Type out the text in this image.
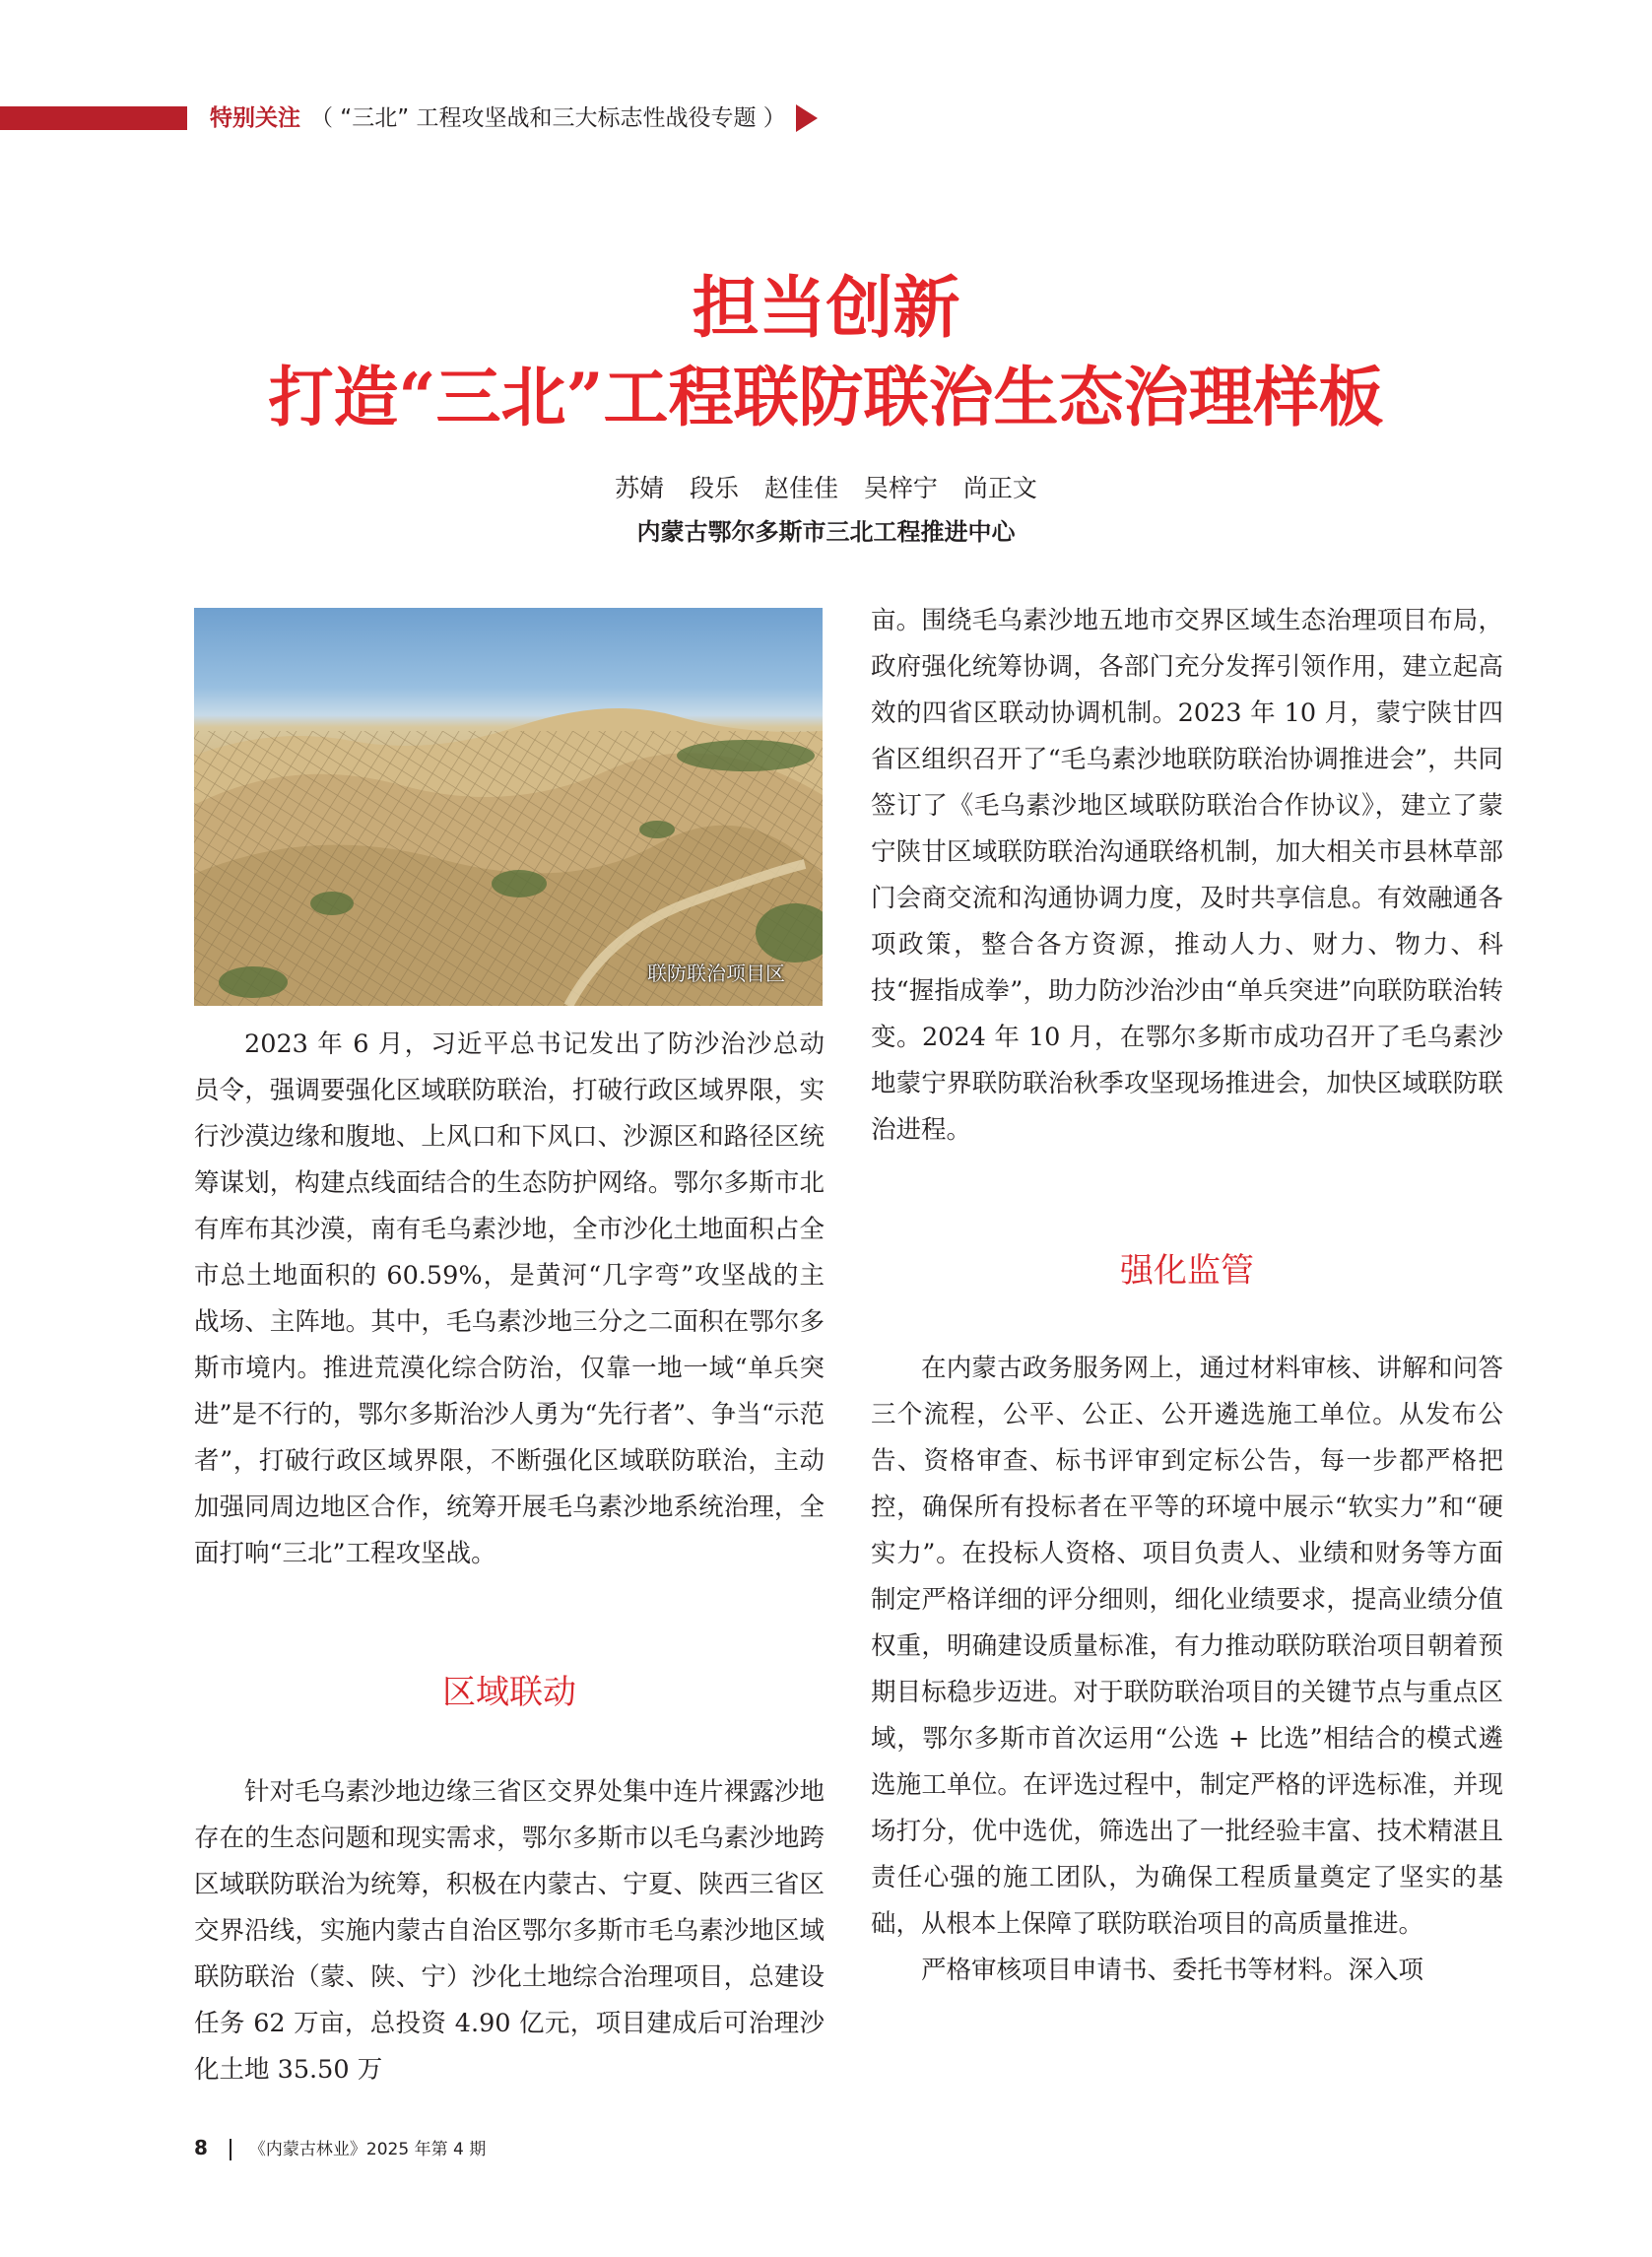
特别关注 （ “三北” 工程攻坚战和三大标志性战役专题 ）
担当创新
打造“三北”工程联防联治生态治理样板
苏婧 段乐 赵佳佳 吴梓宁 尚正文
内蒙古鄂尔多斯市三北工程推进中心
联防联治项目区

2023 年 6 月，习近平总书记发出了防沙治沙总动员令，强调要强化区域联防联治，打破行政区域界限，实行沙漠边缘和腹地、上风口和下风口、沙源区和路径区统筹谋划，构建点线面结合的生态防护网络。鄂尔多斯市北有库布其沙漠，南有毛乌素沙地，全市沙化土地面积占全市总土地面积的 60.59%，是黄河“几字弯”攻坚战的主战场、主阵地。其中，毛乌素沙地三分之二面积在鄂尔多斯市境内。推进荒漠化综合防治，仅靠一地一域“单兵突进”是不行的，鄂尔多斯治沙人勇为“先行者”、争当“示范者”，打破行政区域界限，不断强化区域联防联治，主动加强同周边地区合作，统筹开展毛乌素沙地系统治理，全面打响“三北”工程攻坚战。

区域联动

针对毛乌素沙地边缘三省区交界处集中连片裸露沙地存在的生态问题和现实需求，鄂尔多斯市以毛乌素沙地跨区域联防联治为统筹，积极在内蒙古、宁夏、陕西三省区交界沿线，实施内蒙古自治区鄂尔多斯市毛乌素沙地区域联防联治（蒙、陕、宁）沙化土地综合治理项目，总建设任务 62 万亩，总投资 4.90 亿元，项目建成后可治理沙化土地 35.50 万

亩。围绕毛乌素沙地五地市交界区域生态治理项目布局，政府强化统筹协调，各部门充分发挥引领作用，建立起高效的四省区联动协调机制。2023 年 10 月，蒙宁陕甘四省区组织召开了“毛乌素沙地联防联治协调推进会”，共同签订了《毛乌素沙地区域联防联治合作协议》，建立了蒙宁陕甘区域联防联治沟通联络机制，加大相关市县林草部门会商交流和沟通协调力度，及时共享信息。有效融通各项政策，整合各方资源，推动人力、财力、物力、科技“握指成拳”，助力防沙治沙由“单兵突进”向联防联治转变。2024 年 10 月，在鄂尔多斯市成功召开了毛乌素沙地蒙宁界联防联治秋季攻坚现场推进会，加快区域联防联治进程。

强化监管

在内蒙古政务服务网上，通过材料审核、讲解和问答三个流程，公平、公正、公开遴选施工单位。从发布公告、资格审查、标书评审到定标公告，每一步都严格把控，确保所有投标者在平等的环境中展示“软实力”和“硬实力”。在投标人资格、项目负责人、业绩和财务等方面制定严格详细的评分细则，细化业绩要求，提高业绩分值权重，明确建设质量标准，有力推动联防联治项目朝着预期目标稳步迈进。对于联防联治项目的关键节点与重点区域，鄂尔多斯市首次运用“公选 + 比选”相结合的模式遴选施工单位。在评选过程中，制定严格的评选标准，并现场打分，优中选优，筛选出了一批经验丰富、技术精湛且责任心强的施工团队，为确保工程质量奠定了坚实的基础，从根本上保障了联防联治项目的高质量推进。

严格审核项目申请书、委托书等材料。深入项

8 《内蒙古林业》2025 年第 4 期
